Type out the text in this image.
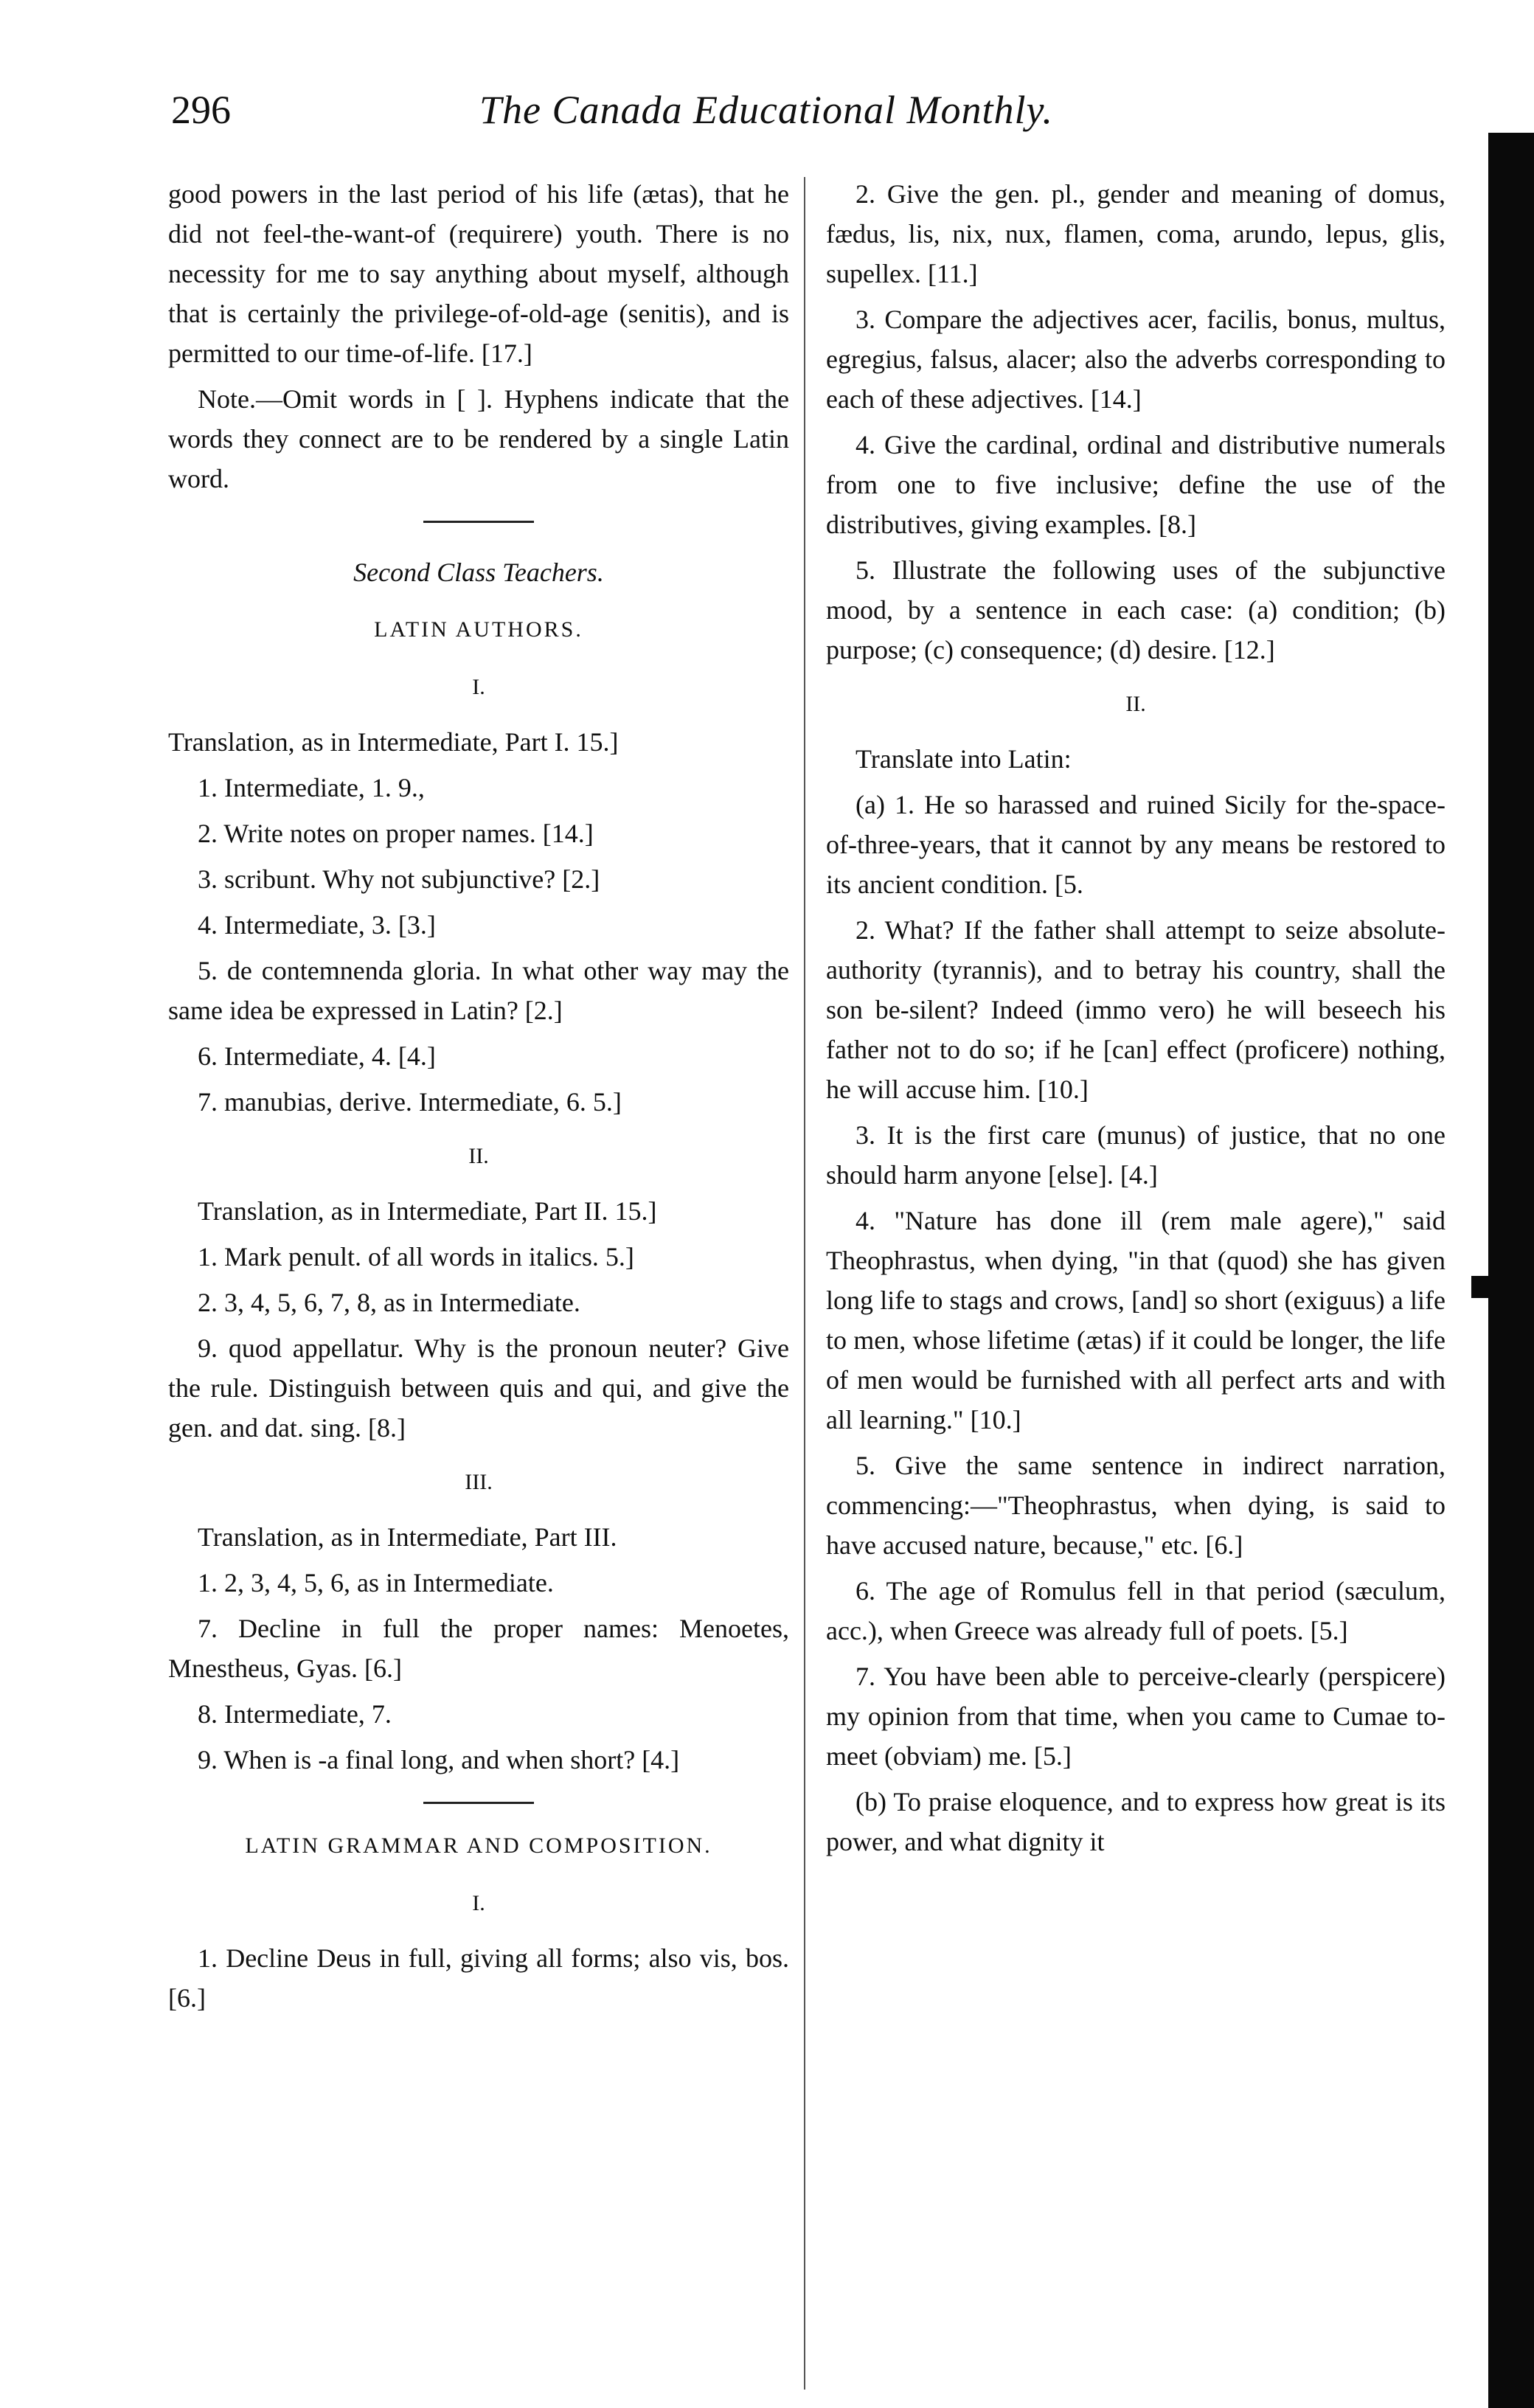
296	The Canada Educational Monthly.

good powers in the last period of his life (ætas), that he did not feel-the-want-of (requirere) youth. There is no necessity for me to say anything about myself, although that is certainly the privilege-of-old-age (senitis), and is permitted to our time-of-life. [17.]

Note.—Omit words in [ ]. Hyphens indicate that the words they connect are to be rendered by a single Latin word.

Second Class Teachers.

LATIN AUTHORS.

I.

Translation, as in Intermediate, Part I. 15.]

1. Intermediate, 1. 9.,

2. Write notes on proper names. [14.]

3. scribunt. Why not subjunctive? [2.]

4. Intermediate, 3. [3.]

5. de contemnenda gloria. In what other way may the same idea be expressed in Latin? [2.]

6. Intermediate, 4. [4.]

7. manubias, derive. Intermediate, 6. 5.]

II.

Translation, as in Intermediate, Part II. 15.]

1. Mark penult. of all words in italics. 5.]

2. 3, 4, 5, 6, 7, 8, as in Intermediate.

9. quod appellatur. Why is the pronoun neuter? Give the rule. Distinguish between quis and qui, and give the gen. and dat. sing. [8.]

III.

Translation, as in Intermediate, Part III.

1. 2, 3, 4, 5, 6, as in Intermediate.

7. Decline in full the proper names: Menoetes, Mnestheus, Gyas. [6.]

8. Intermediate, 7.

9. When is -a final long, and when short? [4.]

LATIN GRAMMAR AND COMPOSITION.

I.

1. Decline Deus in full, giving all forms; also vis, bos. [6.]

2. Give the gen. pl., gender and meaning of domus, fædus, lis, nix, nux, flamen, coma, arundo, lepus, glis, supellex. [11.]

3. Compare the adjectives acer, facilis, bonus, multus, egregius, falsus, alacer; also the adverbs corresponding to each of these adjectives. [14.]

4. Give the cardinal, ordinal and distributive numerals from one to five inclusive; define the use of the distributives, giving examples. [8.]

5. Illustrate the following uses of the subjunctive mood, by a sentence in each case: (a) condition; (b) purpose; (c) consequence; (d) desire. [12.]

II.

Translate into Latin:

(a) 1. He so harassed and ruined Sicily for the-space-of-three-years, that it cannot by any means be restored to its ancient condition. [5.

2. What? If the father shall attempt to seize absolute-authority (tyrannis), and to betray his country, shall the son be-silent? Indeed (immo vero) he will beseech his father not to do so; if he [can] effect (proficere) nothing, he will accuse him. [10.]

3. It is the first care (munus) of justice, that no one should harm anyone [else]. [4.]

4. "Nature has done ill (rem male agere)," said Theophrastus, when dying, "in that (quod) she has given long life to stags and crows, [and] so short (exiguus) a life to men, whose lifetime (ætas) if it could be longer, the life of men would be furnished with all perfect arts and with all learning." [10.]

5. Give the same sentence in indirect narration, commencing:—"Theophrastus, when dying, is said to have accused nature, because," etc. [6.]

6. The age of Romulus fell in that period (sæculum, acc.), when Greece was already full of poets. [5.]

7. You have been able to perceive-clearly (perspicere) my opinion from that time, when you came to Cumae to-meet (obviam) me. [5.]

(b) To praise eloquence, and to express how great is its power, and what dignity it
